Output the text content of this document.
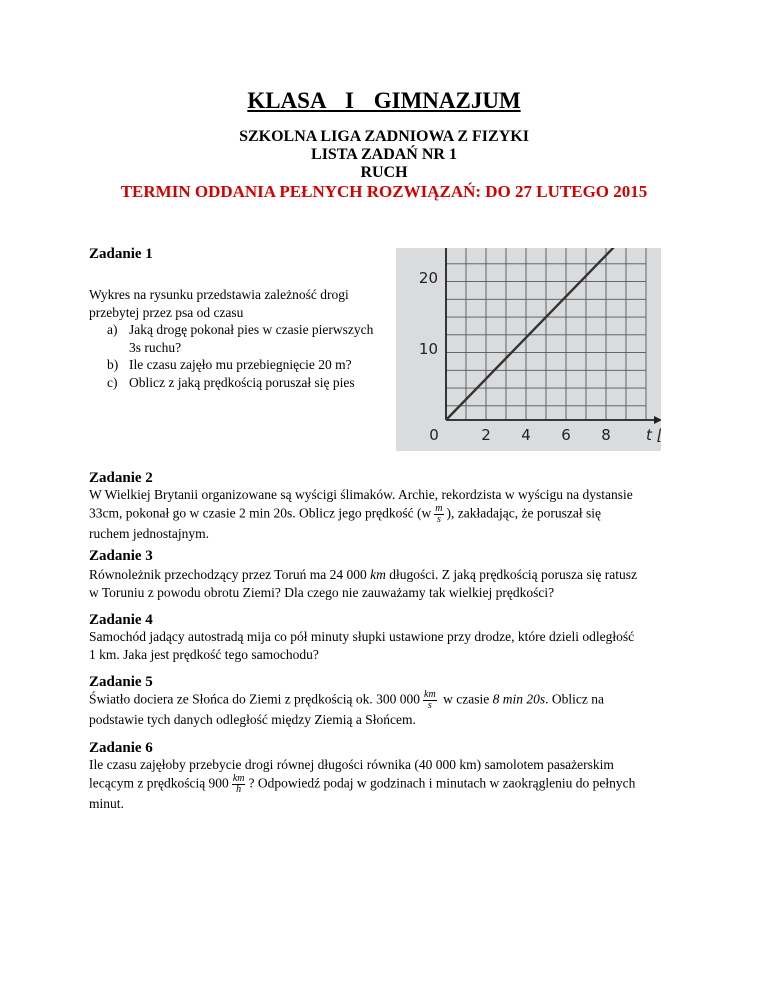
KLASA I GIMNAZJUM
SZKOLNA LIGA ZADNIOWA Z FIZYKI
LISTA ZADAŃ NR 1
RUCH
TERMIN ODDANIA PEŁNYCH ROZWIĄZAŃ: DO 27 LUTEGO 2015
Zadanie 1
Wykres na rysunku przedstawia zależność drogi przebytej przez psa od czasu
a) Jaką drogę pokonał pies w czasie pierwszych 3s ruchu?
b) Ile czasu zajęło mu przebiegnięcie 20 m?
c) Oblicz z jaką prędkością poruszał się pies
0	2 4 6 8
10
20
t
Zadanie 2
W Wielkiej Brytanii organizowane są wyścigi ślimaków. Archie, rekordzista w wyścigu na dystansie
33cm, pokonał go w czasie 2 min 20s. Oblicz jego prędkość ($w \frac{m}{s}$ ), zakładając, że poruszał się
ruchem jednostajnym.
Zadanie 3
Równoleżnik przechodzący przez Toruń ma 24 000 km długości. Z jaką prędkością porusza się ratusz
w Toruniu z powodu obrotu Ziemi? Dla czego nie zauważamy tak wielkiej prędkości?
Zadanie 4
Samochód jadący autostradą mija co pół minuty słupki ustawione przy drodze, które dzieli odległość
1 km. Jaka jest prędkość tego samochodu?
Zadanie 5
Światło dociera ze Słońca do Ziemi z prędkością ok. 300 $000 \frac{km}{s}$ w czasie 8 min 20s. Oblicz na
podstawie tych danych odległość między Ziemią a Słońcem.
Zadanie 6
Ile czasu zajęłoby przebycie drogi równej długości równika (40 000 km) samolotem pasażerskim
lecącym z prędkością $900 \frac{km}{h}$ ? Odpowiedź podaj w godzinach i minutach w zaokrągleniu do pełnych
minut.
